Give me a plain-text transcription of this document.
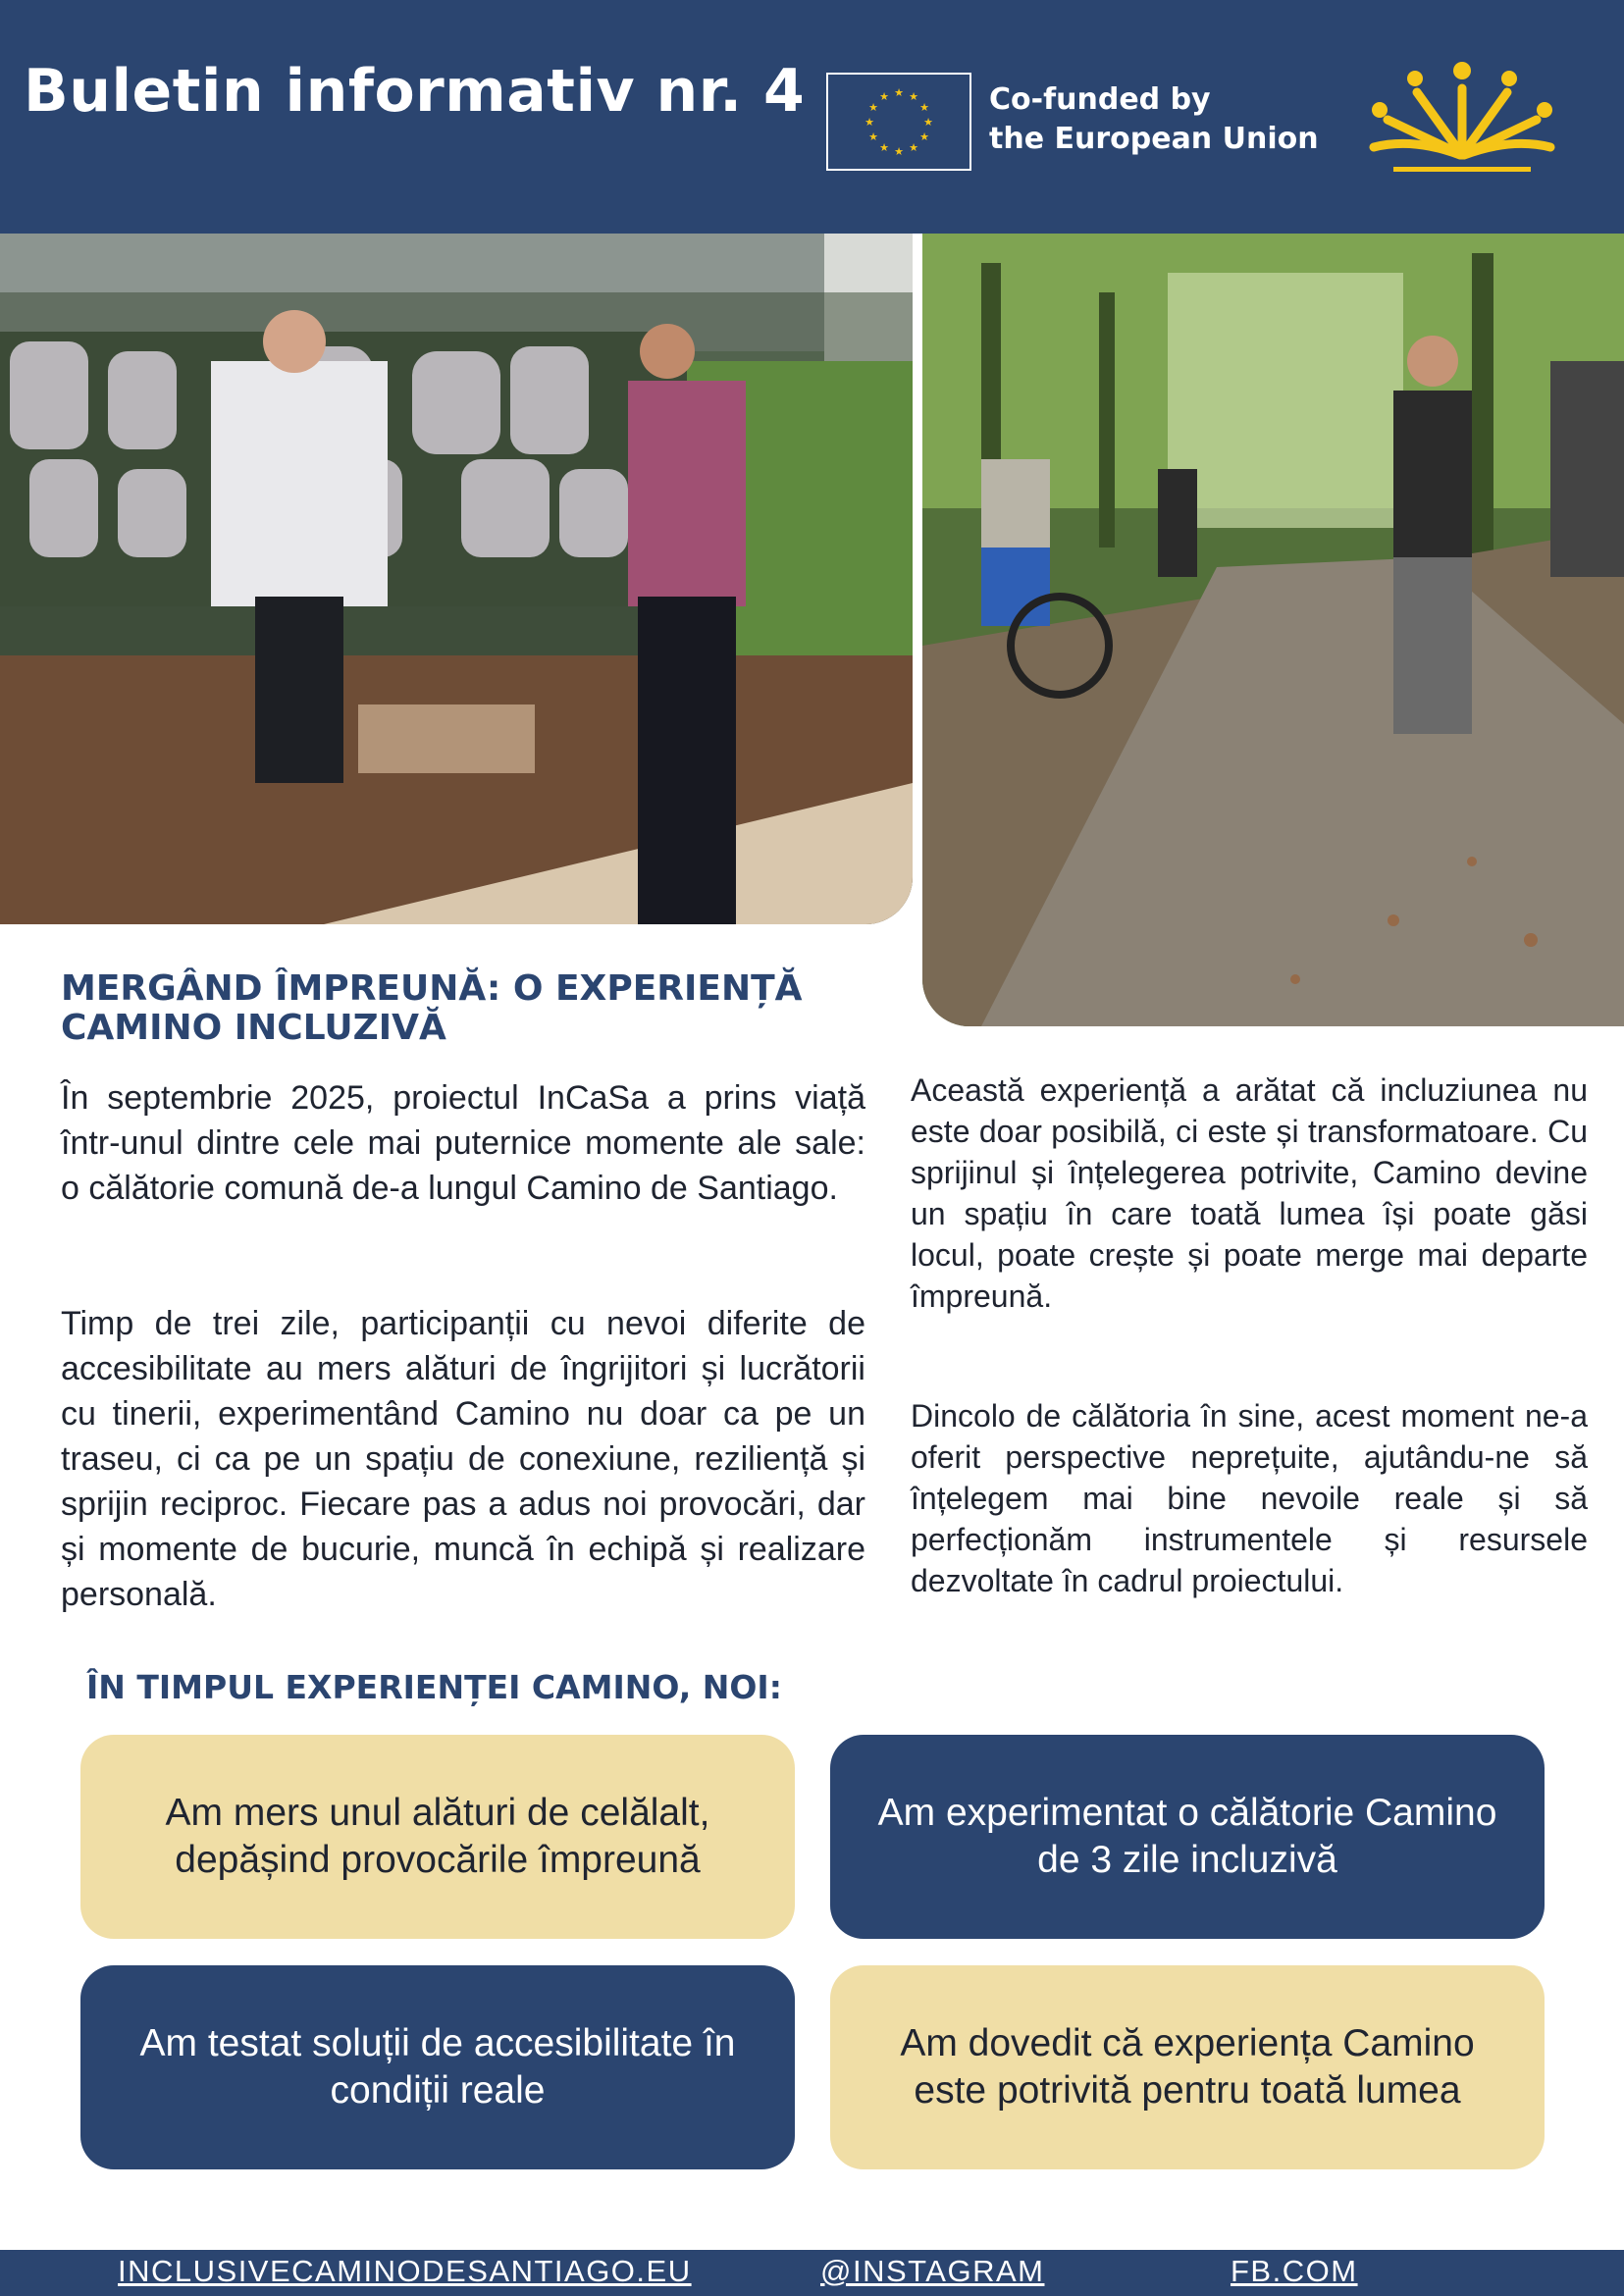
Buletin informativ nr. 4	★ ★
★
★
★
★
★
★
★
★
★
★	Co-funded by
the European Union
MERGÂND ÎMPREUNĂ: O EXPERIENȚĂ CAMINO INCLUZIVĂ

În septembrie 2025, proiectul InCaSa a prins viață într-unul dintre cele mai puternice momente ale sale: o călătorie comună de-a lungul Camino de Santiago.

Timp de trei zile, participanții cu nevoi diferite de accesibilitate au mers alături de îngrijitori și lucrătorii cu tinerii, experimentând Camino nu doar ca pe un traseu, ci ca pe un spațiu de conexiune, reziliență și sprijin reciproc. Fiecare pas a adus noi provocări, dar și momente de bucurie, muncă în echipă și realizare personală.

Această experiență a arătat că incluziunea nu este doar posibilă, ci este și transformatoare. Cu sprijinul și înțelegerea potrivite, Camino devine un spațiu în care toată lumea își poate găsi locul, poate crește și poate merge mai departe împreună.

Dincolo de călătoria în sine, acest moment ne-a oferit perspective neprețuite, ajutându-ne să înțelegem mai bine nevoile reale și să perfecționăm instrumentele și resursele dezvoltate în cadrul proiectului.

ÎN TIMPUL EXPERIENȚEI CAMINO, NOI:
Am mers unul alături de celălalt, depășind provocările împreună
Am experimentat o călătorie Camino de 3 zile incluzivă
Am testat soluții de accesibilitate în condiții reale
Am dovedit că experiența Camino este potrivită pentru toată lumea
INCLUSIVECAMINODESANTIAGO.EU	@INSTAGRAM	FB.COM
